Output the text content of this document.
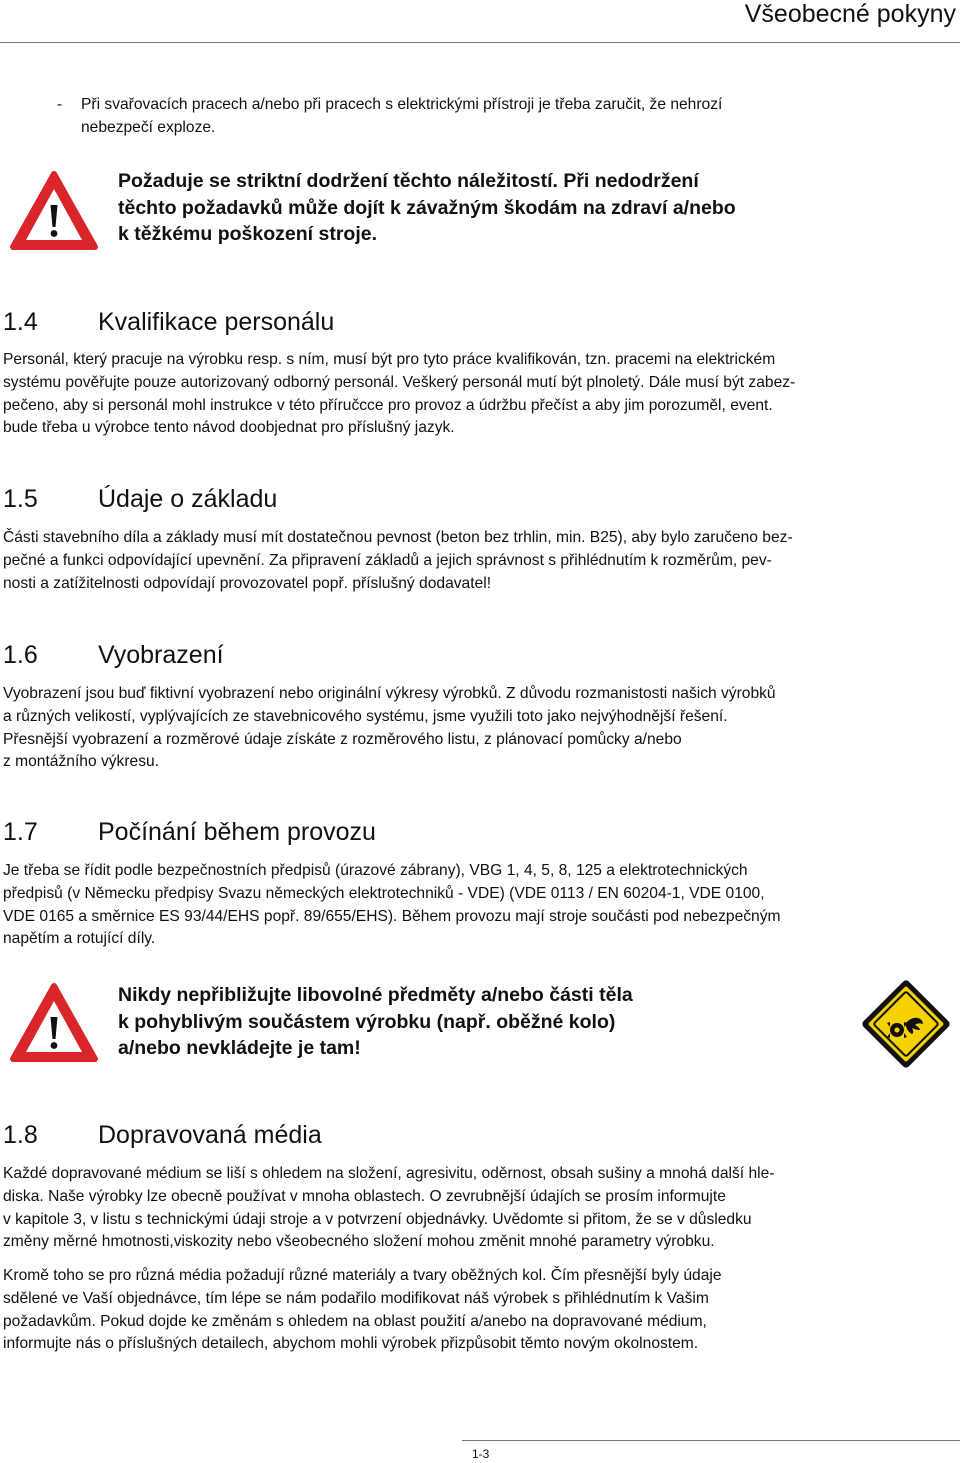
Všeobecné pokyny
- Při svařovacích pracech a/nebo při pracech s elektrickými přístroji je třeba zaručit, že nehrozí
nebezpečí exploze.
Požaduje se striktní dodržení těchto náležitostí. Při nedodržení
těchto požadavků může dojít k závažným škodám na zdraví a/nebo
k těžkému poškození stroje.
1.4 Kvalifikace personálu
Personál, který pracuje na výrobku resp. s ním, musí být pro tyto práce kvalifikován, tzn. pracemi na elektrickém
systému pověřujte pouze autorizovaný odborný personál. Veškerý personál mutí být plnoletý. Dále musí být zabez-
pečeno, aby si personál mohl instrukce v této příručcce pro provoz a údržbu přečíst a aby jim porozuměl, event.
bude třeba u výrobce tento návod doobjednat pro příslušný jazyk.
1.5 Údaje o základu
Části stavebního díla a základy musí mít dostatečnou pevnost (beton bez trhlin, min. B25), aby bylo zaručeno bez-
pečné a funkci odpovídající upevnění. Za připravení základů a jejich správnost s přihlédnutím k rozměrům, pev-
nosti a zatížitelnosti odpovídají provozovatel popř. příslušný dodavatel!
1.6 Vyobrazení
Vyobrazení jsou buď fiktivní vyobrazení nebo originální výkresy výrobků. Z důvodu rozmanistosti našich výrobků
a různých velikostí, vyplývajících ze stavebnicového systému, jsme využili toto jako nejvýhodnější řešení.
Přesnější vyobrazení a rozměrové údaje získáte z rozměrového listu, z plánovací pomůcky a/nebo
z montážního výkresu.
1.7 Počínání během provozu
Je třeba se řídit podle bezpečnostních předpisů (úrazové zábrany), VBG 1, 4, 5, 8, 125 a elektrotechnických
předpisů (v Německu předpisy Svazu německých elektrotechniků - VDE) (VDE 0113 / EN 60204-1, VDE 0100,
VDE 0165 a směrnice ES 93/44/EHS popř. 89/655/EHS). Během provozu mají stroje součásti pod nebezpečným
napětím a rotující díly.
Nikdy nepřibližujte libovolné předměty a/nebo části těla
k pohyblivým součástem výrobku (např. oběžné kolo)
a/nebo nevkládejte je tam!
1.8 Dopravovaná média
Každé dopravované médium se liší s ohledem na složení, agresivitu, oděrnost, obsah sušiny a mnohá další hle-
diska. Naše výrobky lze obecně používat v mnoha oblastech. O zevrubnější údajích se prosím informujte
v kapitole 3, v listu s technickými údaji stroje a v potvrzení objednávky. Uvědomte si přitom, že se v důsledku
změny měrné hmotnosti,viskozity nebo všeobecného složení mohou změnit mnohé parametry výrobku.
Kromě toho se pro různá média požadují různé materiály a tvary oběžných kol. Čím přesnější byly údaje
sdělené ve Vaší objednávce, tím lépe se nám podařilo modifikovat náš výrobek s přihlédnutím k Vašim
požadavkům. Pokud dojde ke změnám s ohledem na oblast použití a/anebo na dopravované médium,
informujte nás o příslušných detailech, abychom mohli výrobek přizpůsobit těmto novým okolnostem.
1-3
